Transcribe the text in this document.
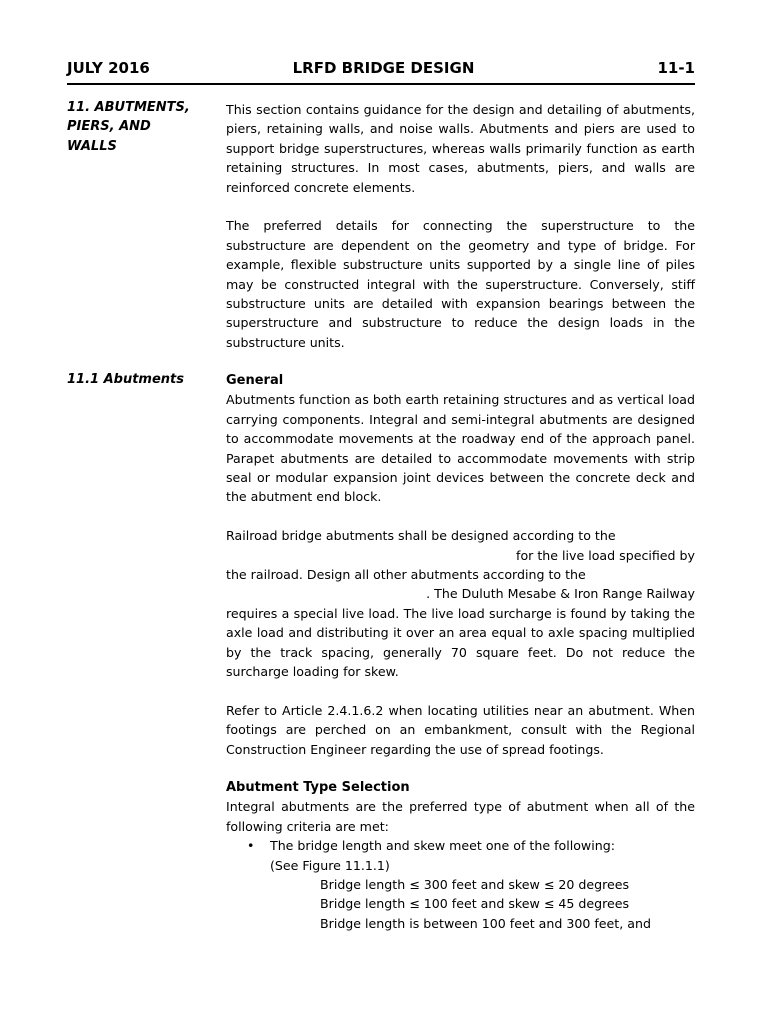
JULY 2016	LRFD BRIDGE DESIGN	11-1
11. ABUTMENTS,
PIERS, AND
WALLS

This section contains guidance for the design and detailing of abutments, piers, retaining walls, and noise walls. Abutments and piers are used to support bridge superstructures, whereas walls primarily function as earth retaining structures. In most cases, abutments, piers, and walls are reinforced concrete elements.

The preferred details for connecting the superstructure to the substructure are dependent on the geometry and type of bridge. For example, flexible substructure units supported by a single line of piles may be constructed integral with the superstructure. Conversely, stiff substructure units are detailed with expansion bearings between the superstructure and substructure to reduce the design loads in the substructure units.

11.1 Abutments	General

Abutments function as both earth retaining structures and as vertical load carrying components. Integral and semi-integral abutments are designed to accommodate movements at the roadway end of the approach panel. Parapet abutments are detailed to accommodate movements with strip seal or modular expansion joint devices between the concrete deck and the abutment end block.

Railroad bridge abutments shall be designed according to the

for the live load specified by

the railroad. Design all other abutments according to the

. The Duluth Mesabe & Iron Range Railway

requires a special live load. The live load surcharge is found by taking the axle load and distributing it over an area equal to axle spacing multiplied by the track spacing, generally 70 square feet. Do not reduce the surcharge loading for skew.

Refer to Article 2.4.1.6.2 when locating utilities near an abutment. When footings are perched on an embankment, consult with the Regional Construction Engineer regarding the use of spread footings.

Abutment Type Selection

Integral abutments are the preferred type of abutment when all of the following criteria are met:

• The bridge length and skew meet one of the following:
(See Figure 11.1.1)
Bridge length ≤ 300 feet and skew ≤ 20 degrees
Bridge length ≤ 100 feet and skew ≤ 45 degrees
Bridge length is between 100 feet and 300 feet, and
